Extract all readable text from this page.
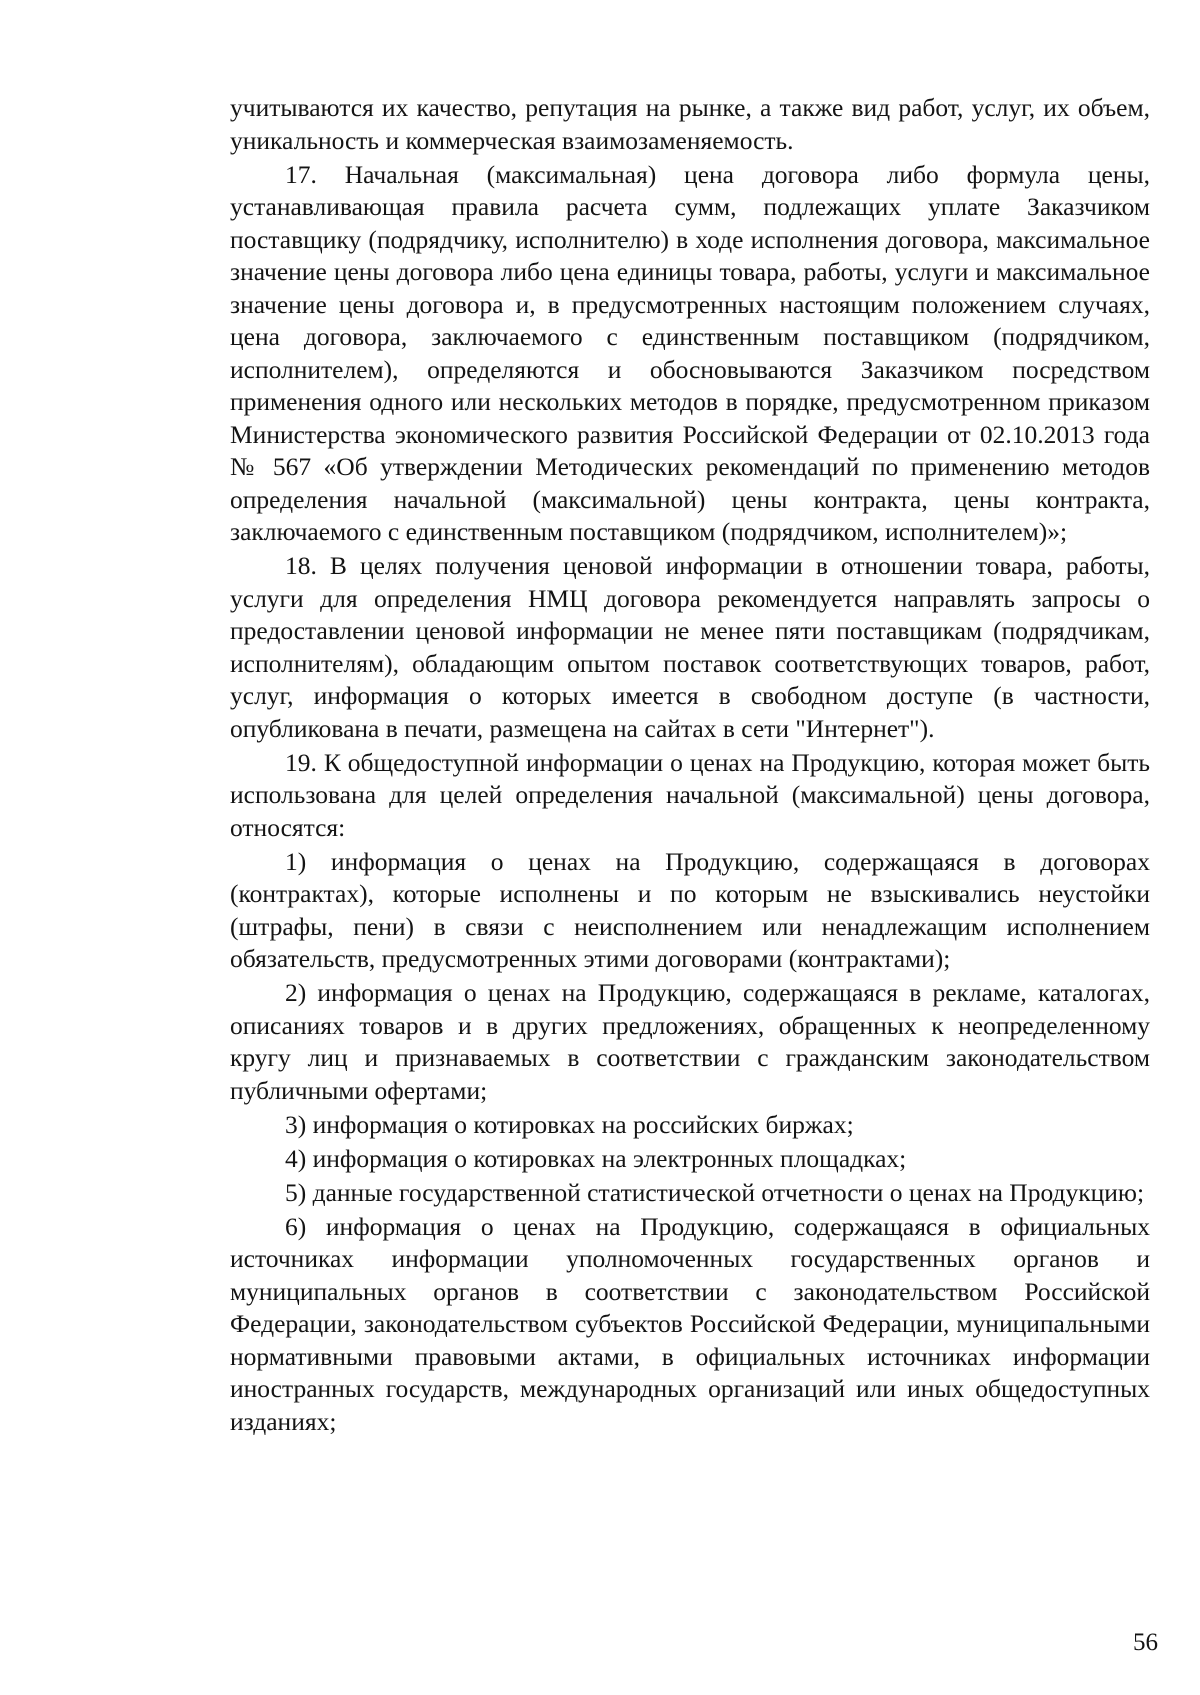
учитываются их качество, репутация на рынке, а также вид работ, услуг, их объем, уникальность и коммерческая взаимозаменяемость.

17. Начальная (максимальная) цена договора либо формула цены, устанавливающая правила расчета сумм, подлежащих уплате Заказчиком поставщику (подрядчику, исполнителю) в ходе исполнения договора, максимальное значение цены договора либо цена единицы товара, работы, услуги и максимальное значение цены договора и, в предусмотренных настоящим положением случаях, цена договора, заключаемого с единственным поставщиком (подрядчиком, исполнителем), определяются и обосновываются Заказчиком посредством применения одного или нескольких методов в порядке, предусмотренном приказом Министерства экономического развития Российской Федерации от 02.10.2013 года № 567 «Об утверждении Методических рекомендаций по применению методов определения начальной (максимальной) цены контракта, цены контракта, заключаемого с единственным поставщиком (подрядчиком, исполнителем)»;

18. В целях получения ценовой информации в отношении товара, работы, услуги для определения НМЦ договора рекомендуется направлять запросы о предоставлении ценовой информации не менее пяти поставщикам (подрядчикам, исполнителям), обладающим опытом поставок соответствующих товаров, работ, услуг, информация о которых имеется в свободном доступе (в частности, опубликована в печати, размещена на сайтах в сети "Интернет").

19. К общедоступной информации о ценах на Продукцию, которая может быть использована для целей определения начальной (максимальной) цены договора, относятся:

1) информация о ценах на Продукцию, содержащаяся в договорах (контрактах), которые исполнены и по которым не взыскивались неустойки (штрафы, пени) в связи с неисполнением или ненадлежащим исполнением обязательств, предусмотренных этими договорами (контрактами);

2) информация о ценах на Продукцию, содержащаяся в рекламе, каталогах, описаниях товаров и в других предложениях, обращенных к неопределенному кругу лиц и признаваемых в соответствии с гражданским законодательством публичными офертами;

3) информация о котировках на российских биржах;

4) информация о котировках на электронных площадках;

5) данные государственной статистической отчетности о ценах на Продукцию;

6) информация о ценах на Продукцию, содержащаяся в официальных источниках информации уполномоченных государственных органов и муниципальных органов в соответствии с законодательством Российской Федерации, законодательством субъектов Российской Федерации, муниципальными нормативными правовыми актами, в официальных источниках информации иностранных государств, международных организаций или иных общедоступных изданиях;

56
